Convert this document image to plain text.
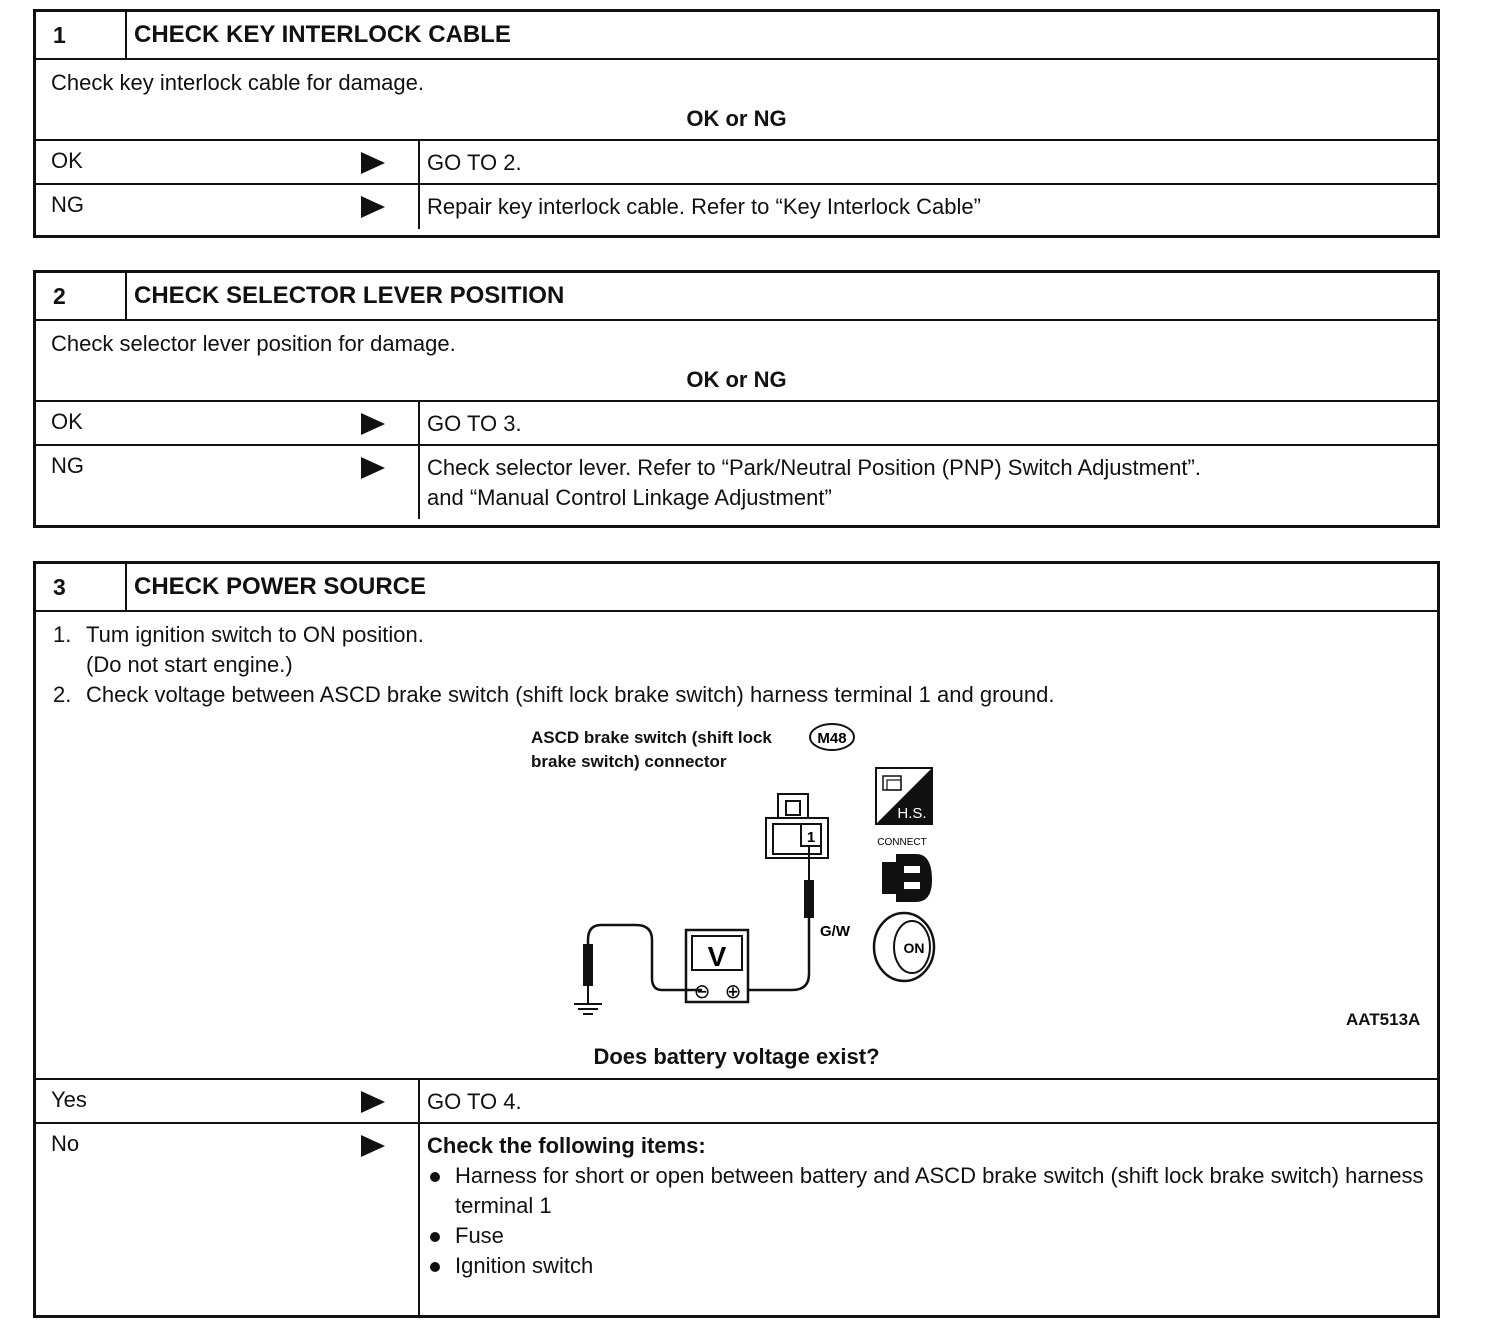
1	CHECK KEY INTERLOCK CABLE
Check key interlock cable for damage.
OK or NG
OK	GO TO 2.
NG	Repair key interlock cable. Refer to “Key Interlock Cable”
2	CHECK SELECTOR LEVER POSITION
Check selector lever position for damage.
OK or NG
OK	GO TO 3.
NG	Check selector lever. Refer to “Park/Neutral Position (PNP) Switch Adjustment”.
and “Manual Control Linkage Adjustment”
3	CHECK POWER SOURCE
1. Tum ignition switch to ON position.
(Do not start engine.)
2. Check voltage between ASCD brake switch (shift lock brake switch) harness terminal 1 and ground.
ASCD brake switch (shift lock
brake switch) connector
M48
1
G/W
V
⊖ ⊕
H.S.
CONNECT
ON
AAT513A
Does battery voltage exist?
Yes	GO TO 4.
No	Check the following items:
Harness for short or open between battery and ASCD brake switch (shift lock brake switch) harness terminal 1
Fuse
Ignition switch
